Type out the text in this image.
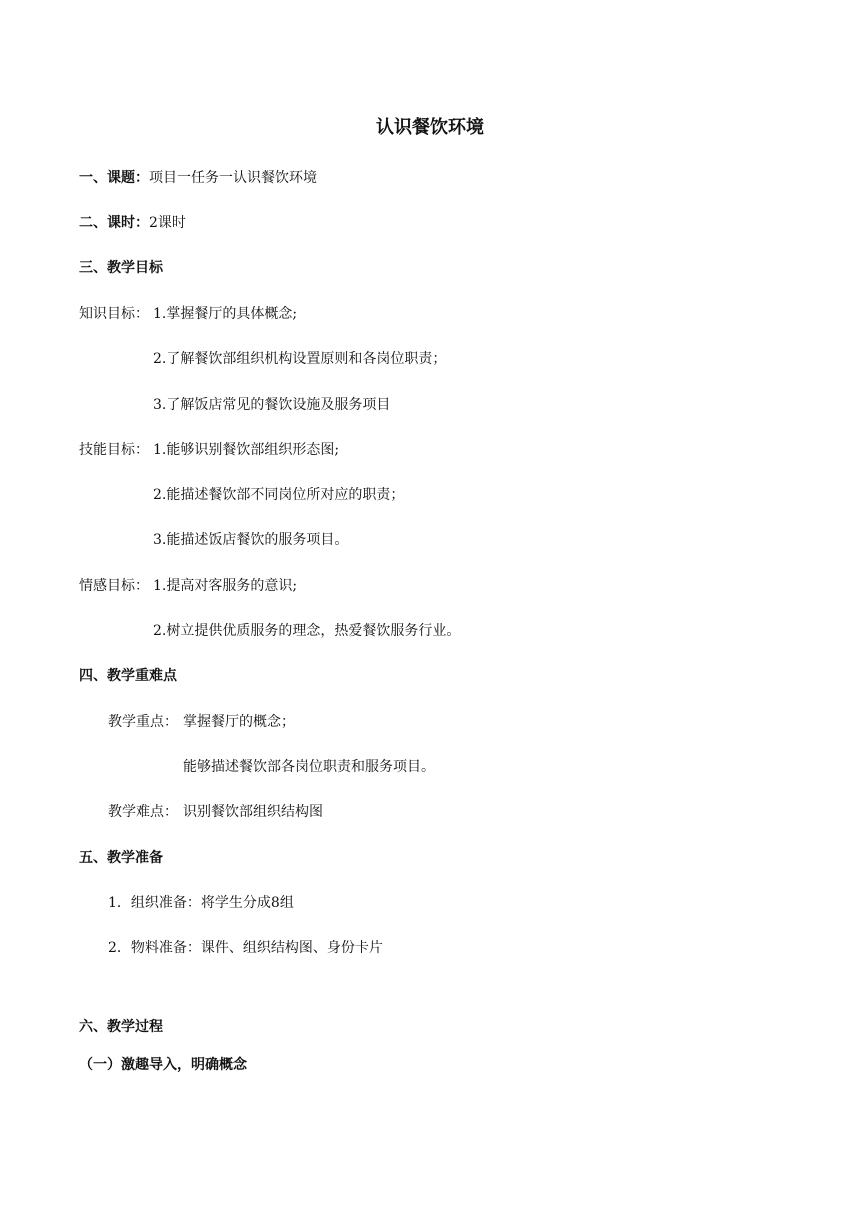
认识餐饮环境
一、课题：项目一任务一认识餐饮环境
二、课时：2课时
三、教学目标
知识目标： 1.掌握餐厅的具体概念;
2.了解餐饮部组织机构设置原则和各岗位职责；
3.了解饭店常见的餐饮设施及服务项目
技能目标： 1.能够识别餐饮部组织形态图;
2.能描述餐饮部不同岗位所对应的职责；
3.能描述饭店餐饮的服务项目。
情感目标： 1.提高对客服务的意识;
2.树立提供优质服务的理念，热爱餐饮服务行业。
四、教学重难点
教学重点： 掌握餐厅的概念；
能够描述餐饮部各岗位职责和服务项目。
教学难点： 识别餐饮部组织结构图
五、教学准备
1．组织准备：将学生分成8组
2．物料准备：课件、组织结构图、身份卡片
六、教学过程
（一）激趣导入，明确概念
